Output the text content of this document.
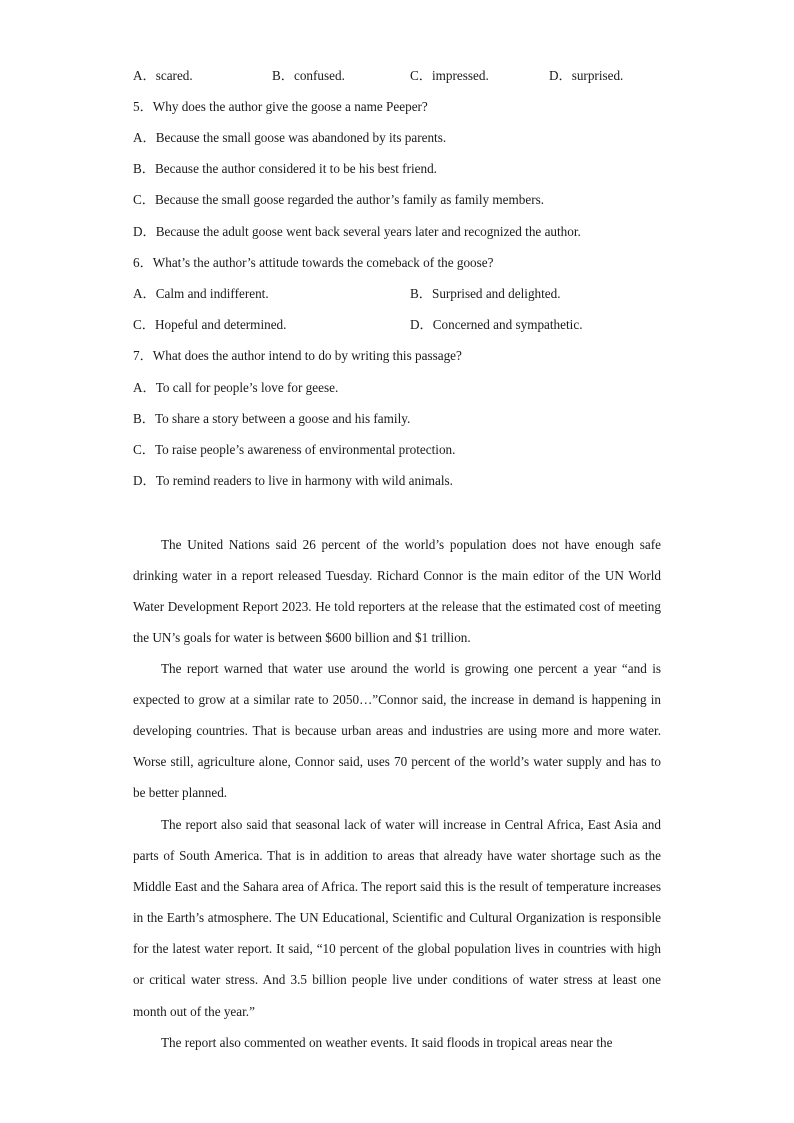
A．scared.	B．confused.	C．impressed.	D．surprised.
5．Why does the author give the goose a name Peeper?
A．Because the small goose was abandoned by its parents.
B．Because the author considered it to be his best friend.
C．Because the small goose regarded the author’s family as family members.
D．Because the adult goose went back several years later and recognized the author.
6．What’s the author’s attitude towards the comeback of the goose?
A．Calm and indifferent.	B．Surprised and delighted.
C．Hopeful and determined.	D．Concerned and sympathetic.
7．What does the author intend to do by writing this passage?
A．To call for people’s love for geese.
B．To share a story between a goose and his family.
C．To raise people’s awareness of environmental protection.
D．To remind readers to live in harmony with wild animals.

The United Nations said 26 percent of the world’s population does not have enough safe drinking water in a report released Tuesday. Richard Connor is the main editor of the UN World Water Development Report 2023. He told reporters at the release that the estimated cost of meeting the UN’s goals for water is between $600 billion and $1 trillion.

The report warned that water use around the world is growing one percent a year “and is expected to grow at a similar rate to 2050…”Connor said, the increase in demand is happening in developing countries. That is because urban areas and industries are using more and more water. Worse still, agriculture alone, Connor said, uses 70 percent of the world’s water supply and has to be better planned.

The report also said that seasonal lack of water will increase in Central Africa, East Asia and parts of South America. That is in addition to areas that already have water shortage such as the Middle East and the Sahara area of Africa. The report said this is the result of temperature increases in the Earth’s atmosphere. The UN Educational, Scientific and Cultural Organization is responsible for the latest water report. It said, “10 percent of the global population lives in countries with high or critical water stress. And 3.5 billion people live under conditions of water stress at least one month out of the year.”

The report also commented on weather events. It said floods in tropical areas near the
